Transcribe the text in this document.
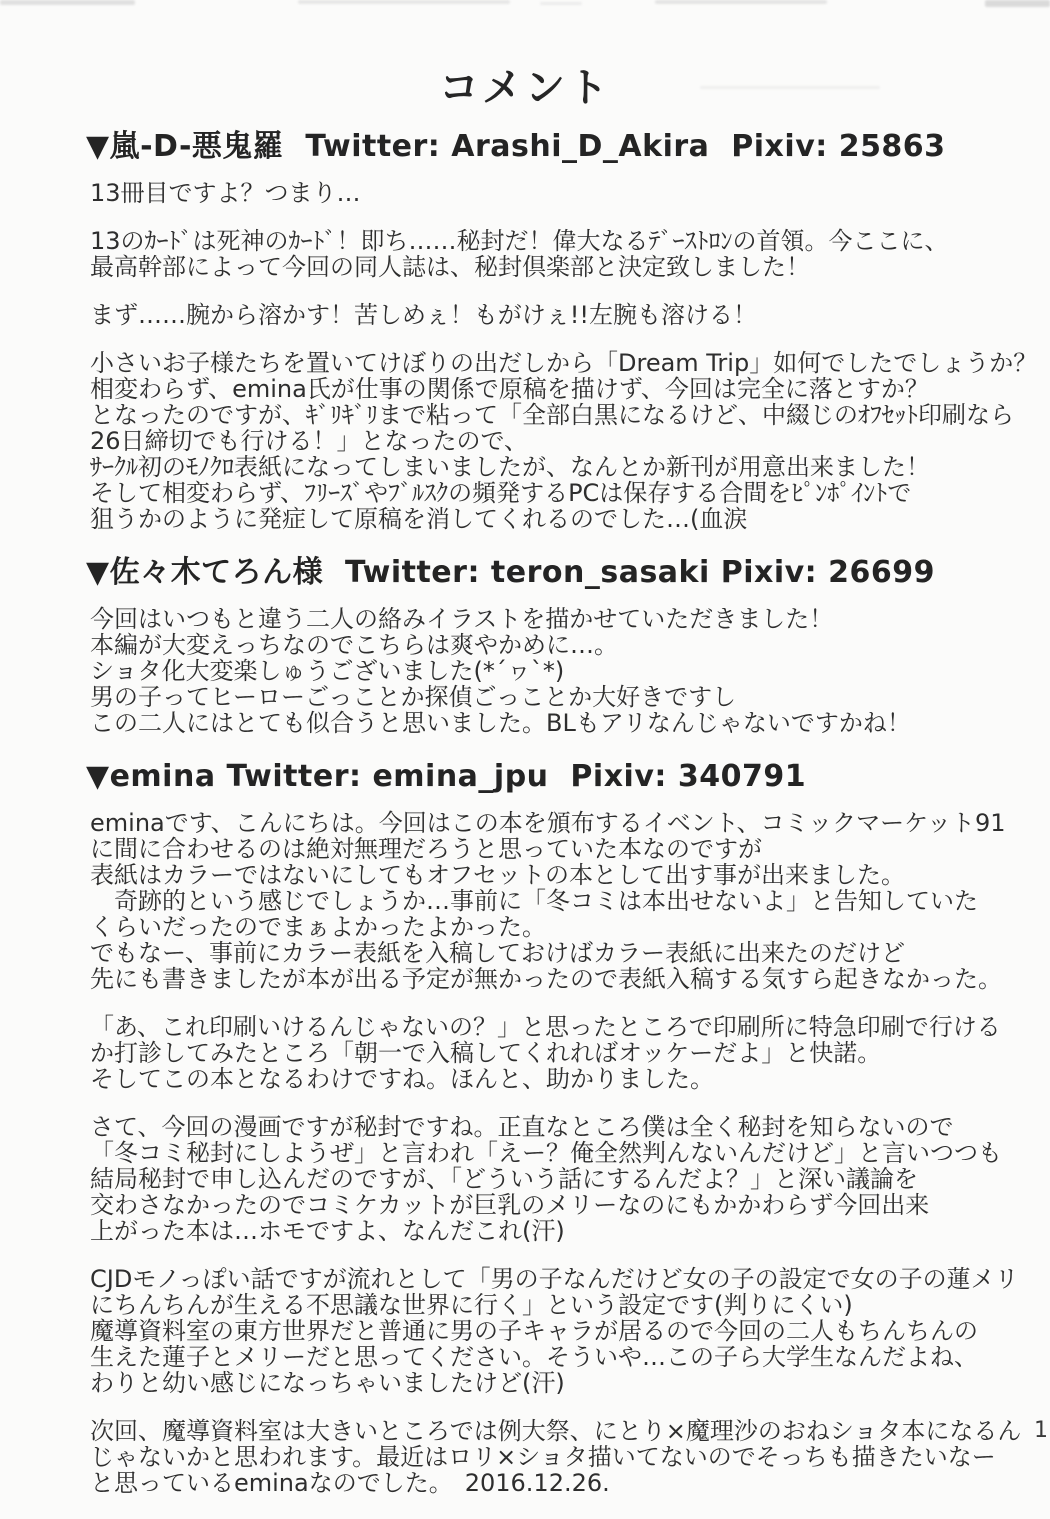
コメント
▼嵐-D-悪鬼羅  Twitter: Arashi_D_Akira  Pixiv: 25863
13冊目ですよ？つまり…
13のｶｰﾄﾞは死神のｶｰﾄﾞ！即ち……秘封だ！偉大なるﾃﾞｰｽﾄﾛﾝの首領。今ここに、
最高幹部によって今回の同人誌は、秘封倶楽部と決定致しました！
まず……腕から溶かす！苦しめぇ！もがけぇ!!左腕も溶ける！
小さいお子様たちを置いてけぼりの出だしから「Dream Trip」如何でしたでしょうか？
相変わらず、emina氏が仕事の関係で原稿を描けず、今回は完全に落とすか？
となったのですが、ｷﾞﾘｷﾞﾘまで粘って「全部白黒になるけど、中綴じのｵﾌｾｯﾄ印刷なら
26日締切でも行ける！」となったので、
ｻｰｸﾙ初のﾓﾉｸﾛ表紙になってしまいましたが、なんとか新刊が用意出来ました！
そして相変わらず、ﾌﾘｰｽﾞやﾌﾞﾙｽｸの頻発するPCは保存する合間をﾋﾟﾝﾎﾟｲﾝﾄで
狙うかのように発症して原稿を消してくれるのでした…(血涙
▼佐々木てろん様  Twitter: teron_sasaki Pixiv: 26699
今回はいつもと違う二人の絡みイラストを描かせていただきました！
本編が大変えっちなのでこちらは爽やかめに…。
ショタ化大変楽しゅうございました(*´ヮ`*)
男の子ってヒーローごっことか探偵ごっことか大好きですし
この二人にはとても似合うと思いました。BLもアリなんじゃないですかね！
▼emina Twitter: emina_jpu  Pixiv: 340791
eminaです、こんにちは。今回はこの本を頒布するイベント、コミックマーケット91
に間に合わせるのは絶対無理だろうと思っていた本なのですが
表紙はカラーではないにしてもオフセットの本として出す事が出来ました。
　奇跡的という感じでしょうか…事前に「冬コミは本出せないよ」と告知していた
くらいだったのでまぁよかったよかった。
でもなー、事前にカラー表紙を入稿しておけばカラー表紙に出来たのだけど
先にも書きましたが本が出る予定が無かったので表紙入稿する気すら起きなかった。
「あ、これ印刷いけるんじゃないの？」と思ったところで印刷所に特急印刷で行ける
か打診してみたところ「朝一で入稿してくれればオッケーだよ」と快諾。
そしてこの本となるわけですね。ほんと、助かりました。
さて、今回の漫画ですが秘封ですね。正直なところ僕は全く秘封を知らないので
「冬コミ秘封にしようぜ」と言われ「えー？俺全然判んないんだけど」と言いつつも
結局秘封で申し込んだのですが、「どういう話にするんだよ？」と深い議論を
交わさなかったのでコミケカットが巨乳のメリーなのにもかかわらず今回出来
上がった本は…ホモですよ、なんだこれ(汗)
CJDモノっぽい話ですが流れとして「男の子なんだけど女の子の設定で女の子の蓮メリ
にちんちんが生える不思議な世界に行く」という設定です(判りにくい)
魔導資料室の東方世界だと普通に男の子キャラが居るので今回の二人もちんちんの
生えた蓮子とメリーだと思ってください。そういや…この子ら大学生なんだよね、
わりと幼い感じになっちゃいましたけど(汗)
次回、魔導資料室は大きいところでは例大祭、にとり×魔理沙のおねショタ本になるん
じゃないかと思われます。最近はロリ×ショタ描いてないのでそっちも描きたいなー
と思っているeminaなのでした。　2016.12.26.
1
